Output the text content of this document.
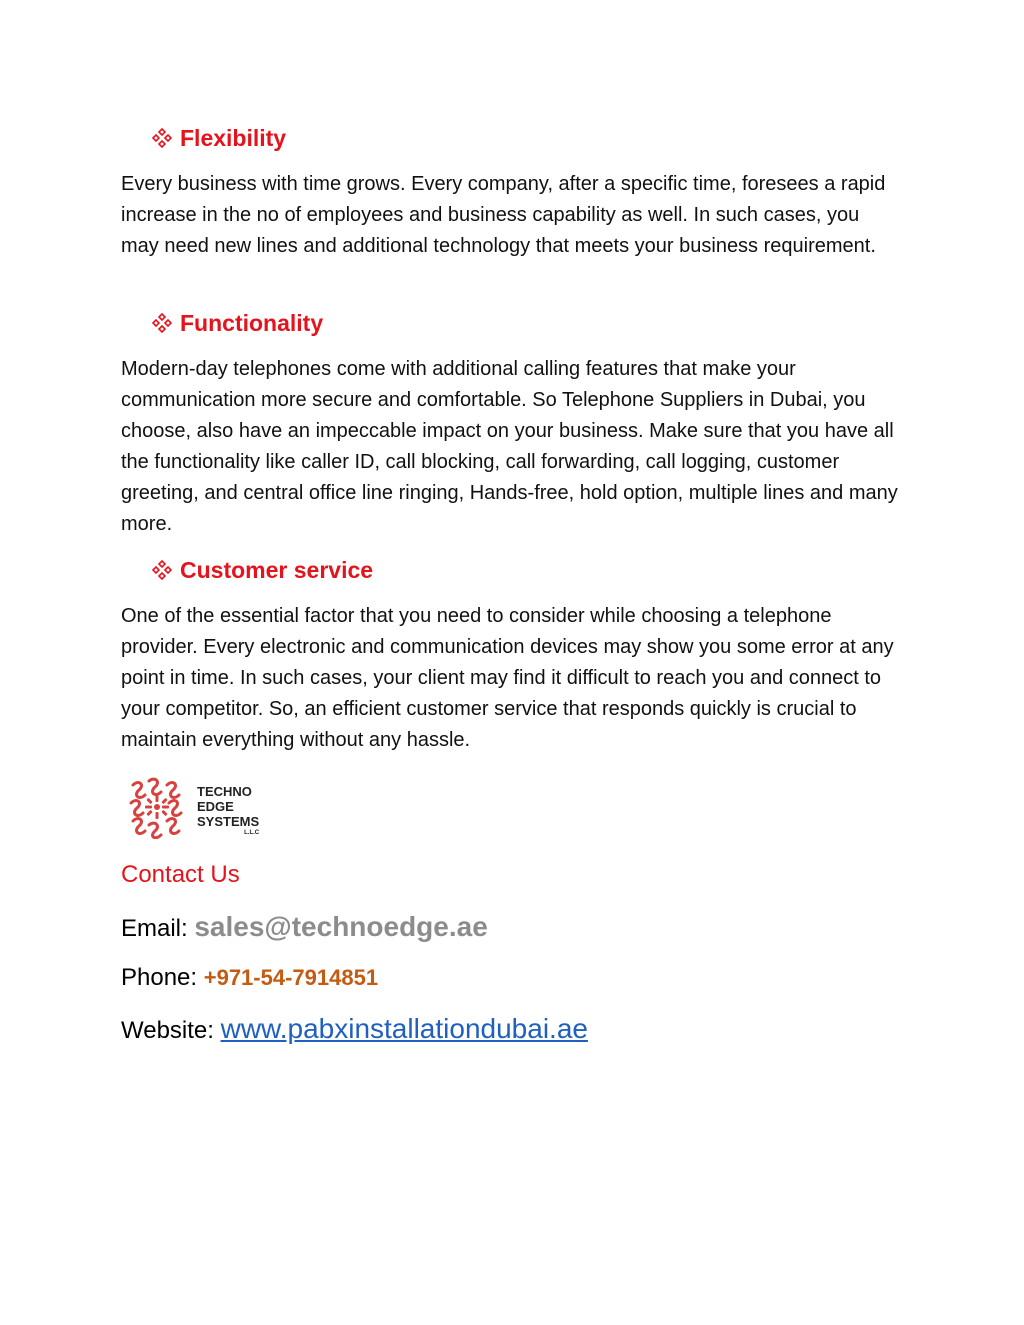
Flexibility

Every business with time grows. Every company, after a specific time, foresees a rapid increase in the no of employees and business capability as well. In such cases, you may need new lines and additional technology that meets your business requirement.

Functionality

Modern-day telephones come with additional calling features that make your communication more secure and comfortable. So Telephone Suppliers in Dubai, you choose, also have an impeccable impact on your business. Make sure that you have all the functionality like caller ID, call blocking, call forwarding, call logging, customer greeting, and central office line ringing, Hands-free, hold option, multiple lines and many more.

Customer service

One of the essential factor that you need to consider while choosing a telephone provider. Every electronic and communication devices may show you some error at any point in time. In such cases, your client may find it difficult to reach you and connect to your competitor. So, an efficient customer service that responds quickly is crucial to maintain everything without any hassle.

TECHNO
EDGE
SYSTEMS
L.L.C
Contact Us
Email: sales@technoedge.ae
Phone: +971-54-7914851
Website: www.pabxinstallationdubai.ae
